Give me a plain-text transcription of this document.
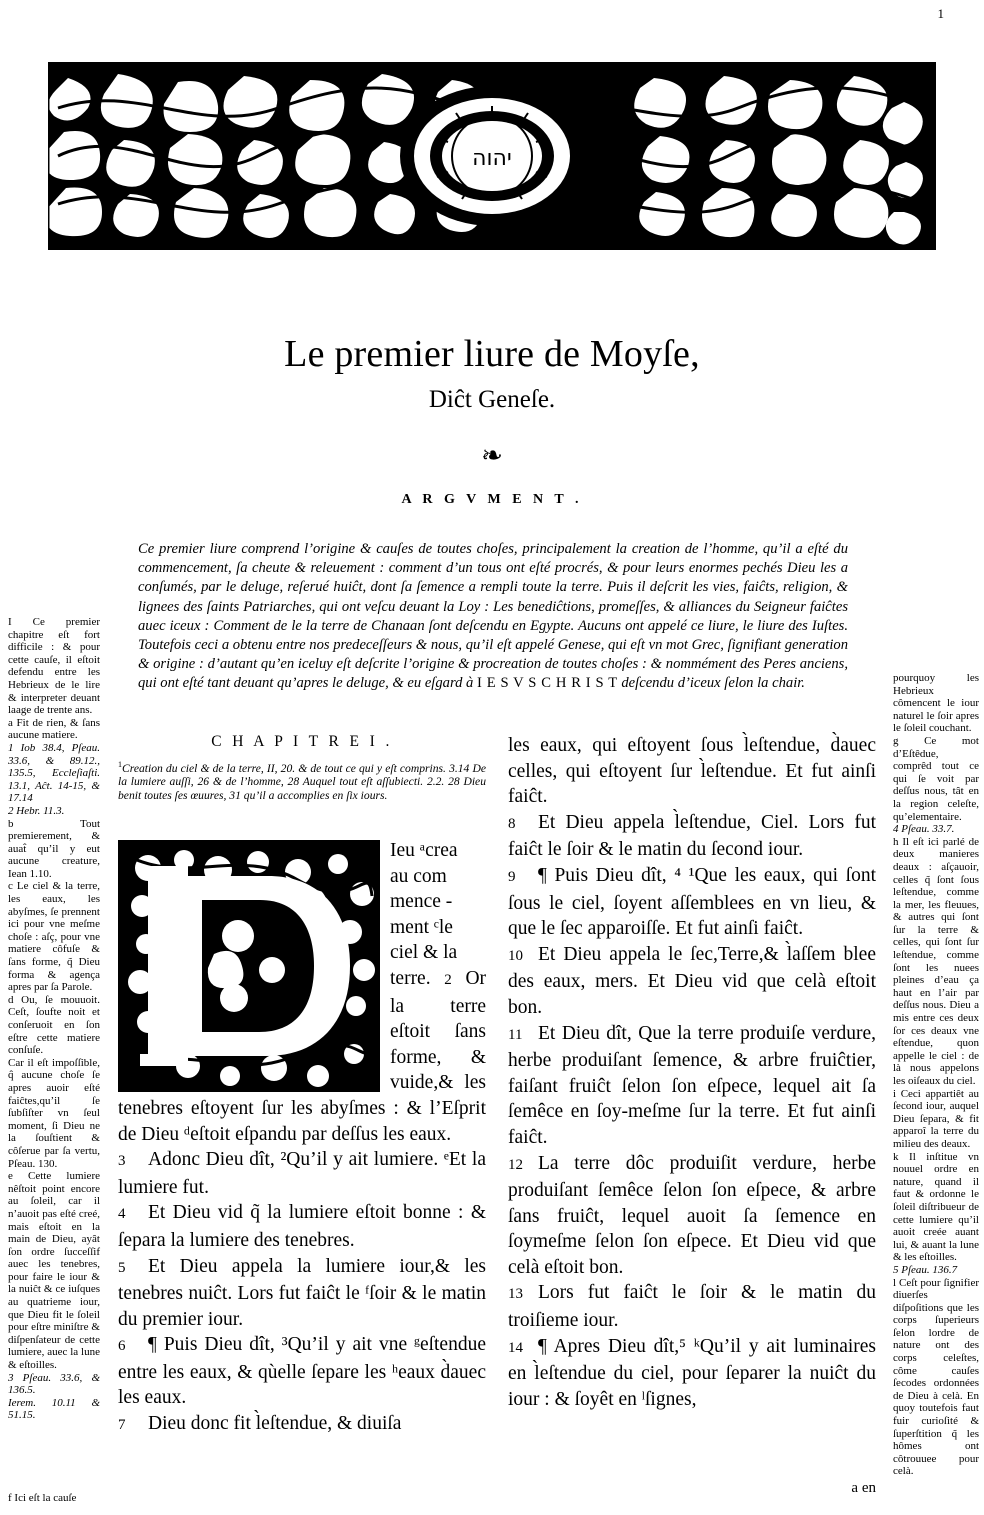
1
יהוה
Le premier liure de Moyſe,
Diĉt Geneſe.
❧
A R G V M E N T .
Ce premier liure comprend l’origine & cauſes de toutes choſes, principalement la creation de l’homme, qu’il a eſté du commencement, ſa cheute & releuement : comment d’un tous ont eſté procrés, & pour leurs enormes pechés Dieu les a conſumés, par le deluge, reſerué huiĉt, dont ſa ſemence a rempli toute la terre. Puis il deſcrit les vies, faiĉts, religion, & lignees des ſaints Patriarches, qui ont veſcu deuant la Loy : Les benediĉtions, promeſſes, & alliances du Seigneur faiĉtes auec iceux : Comment de le la terre de Chanaan ſont deſcendu en Egypte. Aucuns ont appelé ce liure, le liure des Iuſtes. Toutefois ceci a obtenu entre nos predeceſſeurs & nous, qu’il eſt appelé Genese, qui eſt vn mot Grec, ſignifiant generation & origine : d’autant qu’en iceluy eſt deſcrite l’origine & procreation de toutes choſes : & nommément des Peres anciens, qui ont eſté tant deuant qu’apres le deluge, & eu eſgard à I E S V S C H R I S T deſcendu d’iceux ſelon la chair.

I Ce premier chapitre eſt fort difficile : & pour cette cauſe, il eſtoit defendu entre les Hebrieux de le lire & interpreter deuant laage de trente ans.

a Fit de rien, & ſans aucune matiere.

1 Iob 38.4, Pſeau. 33.6, & 89.12., 135.5, Eccleſiaſti. 13.1, Aĉt. 14-15, & 17.14

2 Hebr. 11.3.

b Tout premierement, & auat̂ qu’il y eut aucune creature, Iean 1.10.

c Le ciel & la terre, les eaux, les abyſmes, ſe prennent ici pour vne meſme choſe : aſç, pour vne matiere côfuſe & ſans forme, q̃ Dieu forma & agença apres par ſa Parole.

d Ou, ſe mouuoit. Ceſt, ſoufte noit et conſeruoit en ſon eſtre cette matiere conſuſe.

Car il eſt impoſſible, q̂ aucune choſe ſe apres auoir eſté faiĉtes,qu’il ſe ſubſiſter vn ſeul moment, ſi Dieu ne la ſouſtient & côſerue par ſa vertu, Pſeau. 130.

e Cette lumiere nêſtoit point encore au ſoleil, car il n’auoit pas eſté creé, mais eſtoit en la main de Dieu, ayât ſon ordre ſucceſſif auec les tenebres, pour faire le iour & la nuiĉt & ce iuſques au quatrieme iour, que Dieu fit le ſoleil pour eſtre miniſtre & diſpenſateur de cette lumiere, auec la lune & eſtoilles.

3 Pſeau. 33.6, & 136.5.

Ierem. 10.11 & 51.15.

f Ici eſt la cauſe

pourquoy les Hebrieux cômencent le iour naturel le ſoir apres le ſoleil couchant.

g Ce mot d’Eſtêdue, comprêd tout ce qui ſe voit par deſſus nous, tât en la region celeſte, qu’elementaire.

4 Pſeau. 33.7.

h Il eſt ici parlé de deux manieres deaux : aſçauoir, celles q̃ ſont ſous leſtendue, comme la mer, les fleuues, & autres qui ſont ſur la terre & celles, qui ſont ſur leſtendue, comme ſont les nuees pleines d’eau ça haut en l’air par deſſus nous. Dieu a mis entre ces deux ſor ces deaux vne eſtendue, quon appelle le ciel : de là nous appelons les oiſeaux du ciel.

i Ceci appartiêt au ſecond iour, auquel Dieu ſepara, & fit apparoî la terre du milieu des deaux.

k Il inſtitue vn nouuel ordre en nature, quand il faut & ordonne le ſoleil diſtribueur de cette lumiere qu’il auoit creée auant lui, & auant la lune & les eſtoilles.

5 Pſeau. 136.7

l Ceſt pour ſignifier diuerſes diſpoſitions que les corps ſuperieurs ſelon lordre de nature ont des corps celeſtes, côme cauſes ſecodes ordonnées de Dieu à celà. En quoy toutefois faut fuir curioſité & ſuperſtition q̃ les hômes ont côtrouuee pour celà.

C H A P I T R E I .
$^1$Creation du ciel & de la terre, II, 20. & de tout ce qui y eſt comprins. 3.14 De la lumiere auſſi, 26 & de l’homme, 28 Auquel tout eſt aſſubiecti. 2.2. 28 Dieu benit toutes ſes œuures, 31 qu’il a accomplies en ſix iours.
Ieu ᵃcrea
au com
mence -
ment ᶜle
ciel & la
terre. 2 Or la terre eſtoit ſans forme, & vuide,& les tenebres eſtoyent ſur les abyſmes : & l’Eſprit de Dieu ᵈeſtoit eſpandu par deſſus les eaux.

3 Adonc Dieu dît, ²Qu’il y ait lumiere. ᵉEt la lumiere fut.

4 Et Dieu vid q̃ la lumiere eſtoit bonne : & ſepara la lumiere des tenebres.

5 Et Dieu appela la lumiere iour,& les tenebres nuiĉt. Lors fut faiĉt le ᶠſoir & le matin du premier iour.

6 ¶ Puis Dieu dît, ³Qu’il y ait vne ᵍeſtendue entre les eaux, & qùelle ſepare les ʰeaux d̀auec les eaux.

7 Dieu donc fit l̀eſtendue, & diuiſa

les eaux, qui eſtoyent ſous l̀eſtendue, d̀auec celles, qui eſtoyent ſur l̀eſtendue. Et fut ainſi faiĉt.

8 Et Dieu appela l̀eſtendue, Ciel. Lors fut faiĉt le ſoir & le matin du ſecond iour.

9 ¶ Puis Dieu dît, ⁴ ¹Que les eaux, qui ſont ſous le ciel, ſoyent aſſemblees en vn lieu, & que le ſec apparoiſſe. Et fut ainſi faiĉt.

10 Et Dieu appela le ſec,Terre,& l̀aſſem blee des eaux, mers. Et Dieu vid que celà eſtoit bon.

11 Et Dieu dît, Que la terre produiſe verdure, herbe produiſant ſemence, & arbre fruiĉtier, faiſant fruiĉt ſelon ſon eſpece, lequel ait ſa ſemêce en ſoy-meſme ſur la terre. Et fut ainſi faiĉt.

12 La terre dôc produiſit verdure, herbe produiſant ſemêce ſelon ſon eſpece, & arbre ſans fruiĉt, lequel auoit ſa ſemence en ſoymeſme ſelon ſon eſpece. Et Dieu vid que celà eſtoit bon.

13 Lors fut faiĉt le ſoir & le matin du troiſieme iour.

14 ¶ Apres Dieu dît,⁵ ᵏQu’il y ait luminaires en l̀eſtendue du ciel, pour ſeparer la nuiĉt du iour : & ſoyêt en ˡſignes,

a en
